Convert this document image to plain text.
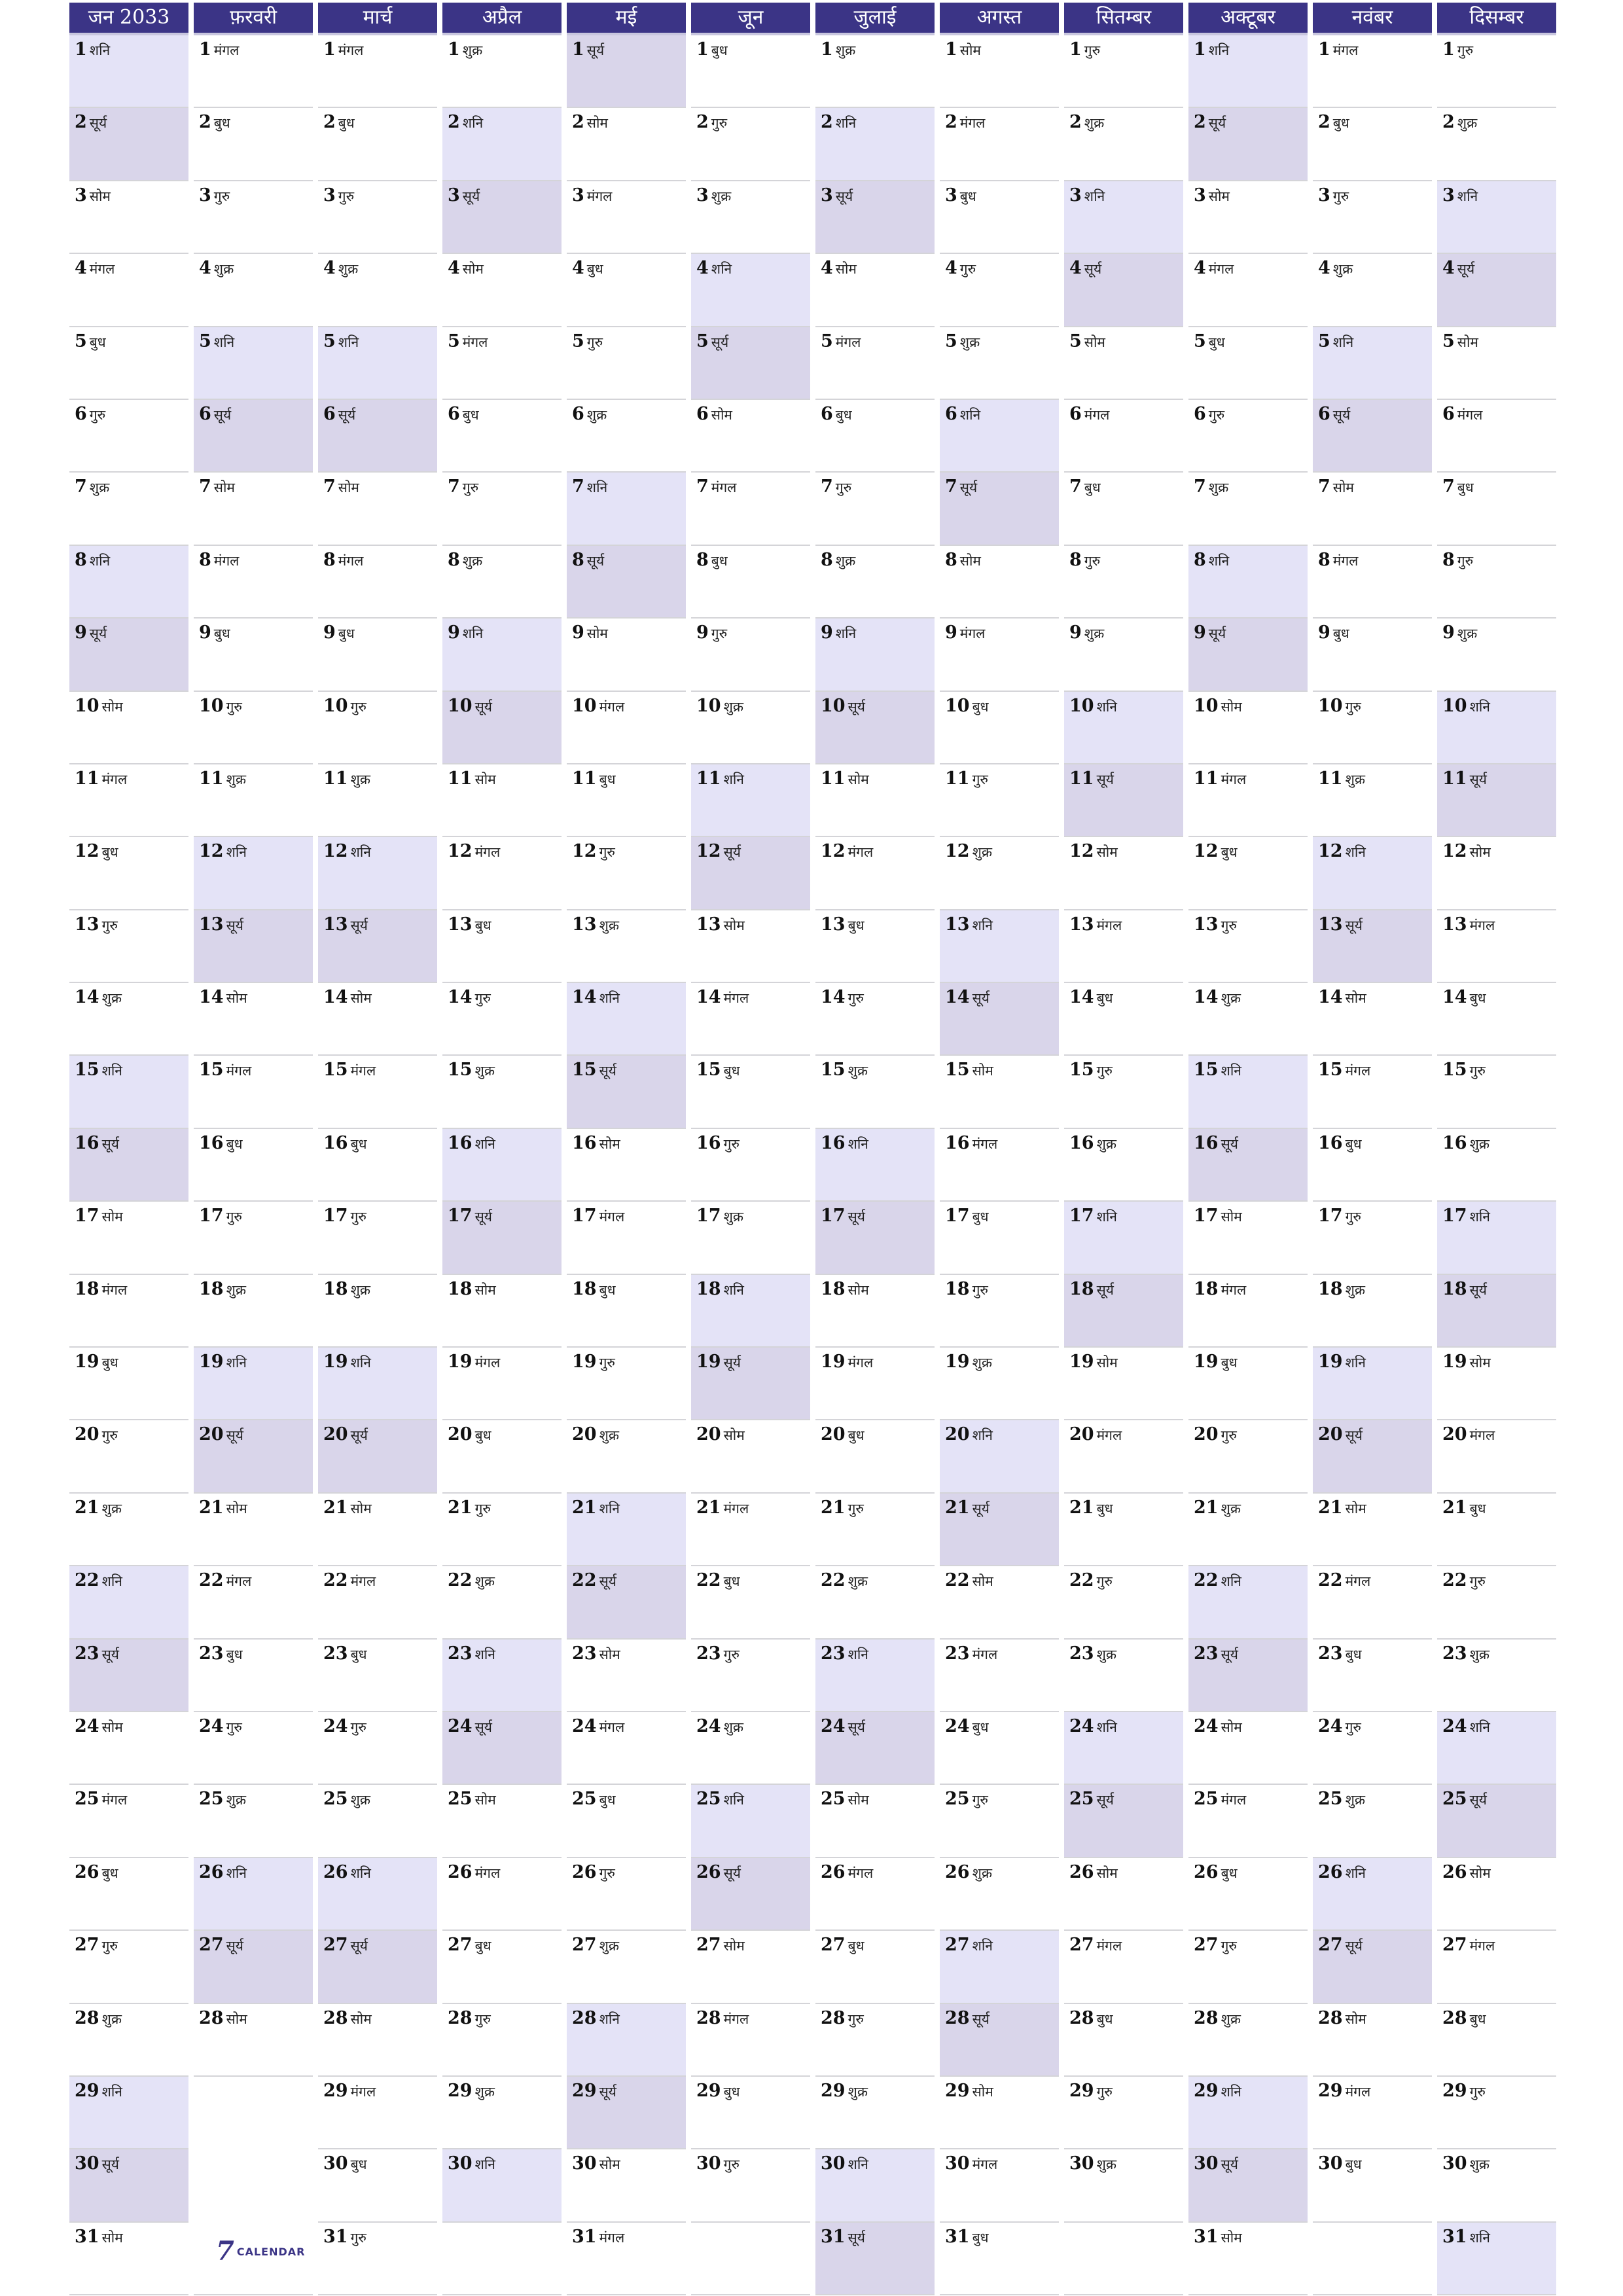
जन 2033
1 शनि
2 सूर्य
3 सोम
4 मंगल
5 बुध
6 गुरु
7 शुक्र
8 शनि
9 सूर्य
10 सोम
11 मंगल
12 बुध
13 गुरु
14 शुक्र
15 शनि
16 सूर्य
17 सोम
18 मंगल
19 बुध
20 गुरु
21 शुक्र
22 शनि
23 सूर्य
24 सोम
25 मंगल
26 बुध
27 गुरु
28 शुक्र
29 शनि
30 सूर्य
31 सोम
फ़रवरी
1 मंगल
2 बुध
3 गुरु
4 शुक्र
5 शनि
6 सूर्य
7 सोम
8 मंगल
9 बुध
10 गुरु
11 शुक्र
12 शनि
13 सूर्य
14 सोम
15 मंगल
16 बुध
17 गुरु
18 शुक्र
19 शनि
20 सूर्य
21 सोम
22 मंगल
23 बुध
24 गुरु
25 शुक्र
26 शनि
27 सूर्य
28 सोम
मार्च
1 मंगल
2 बुध
3 गुरु
4 शुक्र
5 शनि
6 सूर्य
7 सोम
8 मंगल
9 बुध
10 गुरु
11 शुक्र
12 शनि
13 सूर्य
14 सोम
15 मंगल
16 बुध
17 गुरु
18 शुक्र
19 शनि
20 सूर्य
21 सोम
22 मंगल
23 बुध
24 गुरु
25 शुक्र
26 शनि
27 सूर्य
28 सोम
29 मंगल
30 बुध
31 गुरु
अप्रैल
1 शुक्र
2 शनि
3 सूर्य
4 सोम
5 मंगल
6 बुध
7 गुरु
8 शुक्र
9 शनि
10 सूर्य
11 सोम
12 मंगल
13 बुध
14 गुरु
15 शुक्र
16 शनि
17 सूर्य
18 सोम
19 मंगल
20 बुध
21 गुरु
22 शुक्र
23 शनि
24 सूर्य
25 सोम
26 मंगल
27 बुध
28 गुरु
29 शुक्र
30 शनि
मई
1 सूर्य
2 सोम
3 मंगल
4 बुध
5 गुरु
6 शुक्र
7 शनि
8 सूर्य
9 सोम
10 मंगल
11 बुध
12 गुरु
13 शुक्र
14 शनि
15 सूर्य
16 सोम
17 मंगल
18 बुध
19 गुरु
20 शुक्र
21 शनि
22 सूर्य
23 सोम
24 मंगल
25 बुध
26 गुरु
27 शुक्र
28 शनि
29 सूर्य
30 सोम
31 मंगल
जून
1 बुध
2 गुरु
3 शुक्र
4 शनि
5 सूर्य
6 सोम
7 मंगल
8 बुध
9 गुरु
10 शुक्र
11 शनि
12 सूर्य
13 सोम
14 मंगल
15 बुध
16 गुरु
17 शुक्र
18 शनि
19 सूर्य
20 सोम
21 मंगल
22 बुध
23 गुरु
24 शुक्र
25 शनि
26 सूर्य
27 सोम
28 मंगल
29 बुध
30 गुरु
जुलाई
1 शुक्र
2 शनि
3 सूर्य
4 सोम
5 मंगल
6 बुध
7 गुरु
8 शुक्र
9 शनि
10 सूर्य
11 सोम
12 मंगल
13 बुध
14 गुरु
15 शुक्र
16 शनि
17 सूर्य
18 सोम
19 मंगल
20 बुध
21 गुरु
22 शुक्र
23 शनि
24 सूर्य
25 सोम
26 मंगल
27 बुध
28 गुरु
29 शुक्र
30 शनि
31 सूर्य
अगस्त
1 सोम
2 मंगल
3 बुध
4 गुरु
5 शुक्र
6 शनि
7 सूर्य
8 सोम
9 मंगल
10 बुध
11 गुरु
12 शुक्र
13 शनि
14 सूर्य
15 सोम
16 मंगल
17 बुध
18 गुरु
19 शुक्र
20 शनि
21 सूर्य
22 सोम
23 मंगल
24 बुध
25 गुरु
26 शुक्र
27 शनि
28 सूर्य
29 सोम
30 मंगल
31 बुध
सितम्बर
1 गुरु
2 शुक्र
3 शनि
4 सूर्य
5 सोम
6 मंगल
7 बुध
8 गुरु
9 शुक्र
10 शनि
11 सूर्य
12 सोम
13 मंगल
14 बुध
15 गुरु
16 शुक्र
17 शनि
18 सूर्य
19 सोम
20 मंगल
21 बुध
22 गुरु
23 शुक्र
24 शनि
25 सूर्य
26 सोम
27 मंगल
28 बुध
29 गुरु
30 शुक्र
अक्टूबर
1 शनि
2 सूर्य
3 सोम
4 मंगल
5 बुध
6 गुरु
7 शुक्र
8 शनि
9 सूर्य
10 सोम
11 मंगल
12 बुध
13 गुरु
14 शुक्र
15 शनि
16 सूर्य
17 सोम
18 मंगल
19 बुध
20 गुरु
21 शुक्र
22 शनि
23 सूर्य
24 सोम
25 मंगल
26 बुध
27 गुरु
28 शुक्र
29 शनि
30 सूर्य
31 सोम
नवंबर
1 मंगल
2 बुध
3 गुरु
4 शुक्र
5 शनि
6 सूर्य
7 सोम
8 मंगल
9 बुध
10 गुरु
11 शुक्र
12 शनि
13 सूर्य
14 सोम
15 मंगल
16 बुध
17 गुरु
18 शुक्र
19 शनि
20 सूर्य
21 सोम
22 मंगल
23 बुध
24 गुरु
25 शुक्र
26 शनि
27 सूर्य
28 सोम
29 मंगल
30 बुध
दिसम्बर
1 गुरु
2 शुक्र
3 शनि
4 सूर्य
5 सोम
6 मंगल
7 बुध
8 गुरु
9 शुक्र
10 शनि
11 सूर्य
12 सोम
13 मंगल
14 बुध
15 गुरु
16 शुक्र
17 शनि
18 सूर्य
19 सोम
20 मंगल
21 बुध
22 गुरु
23 शुक्र
24 शनि
25 सूर्य
26 सोम
27 मंगल
28 बुध
29 गुरु
30 शुक्र
31 शनि
7 CALENDAR
